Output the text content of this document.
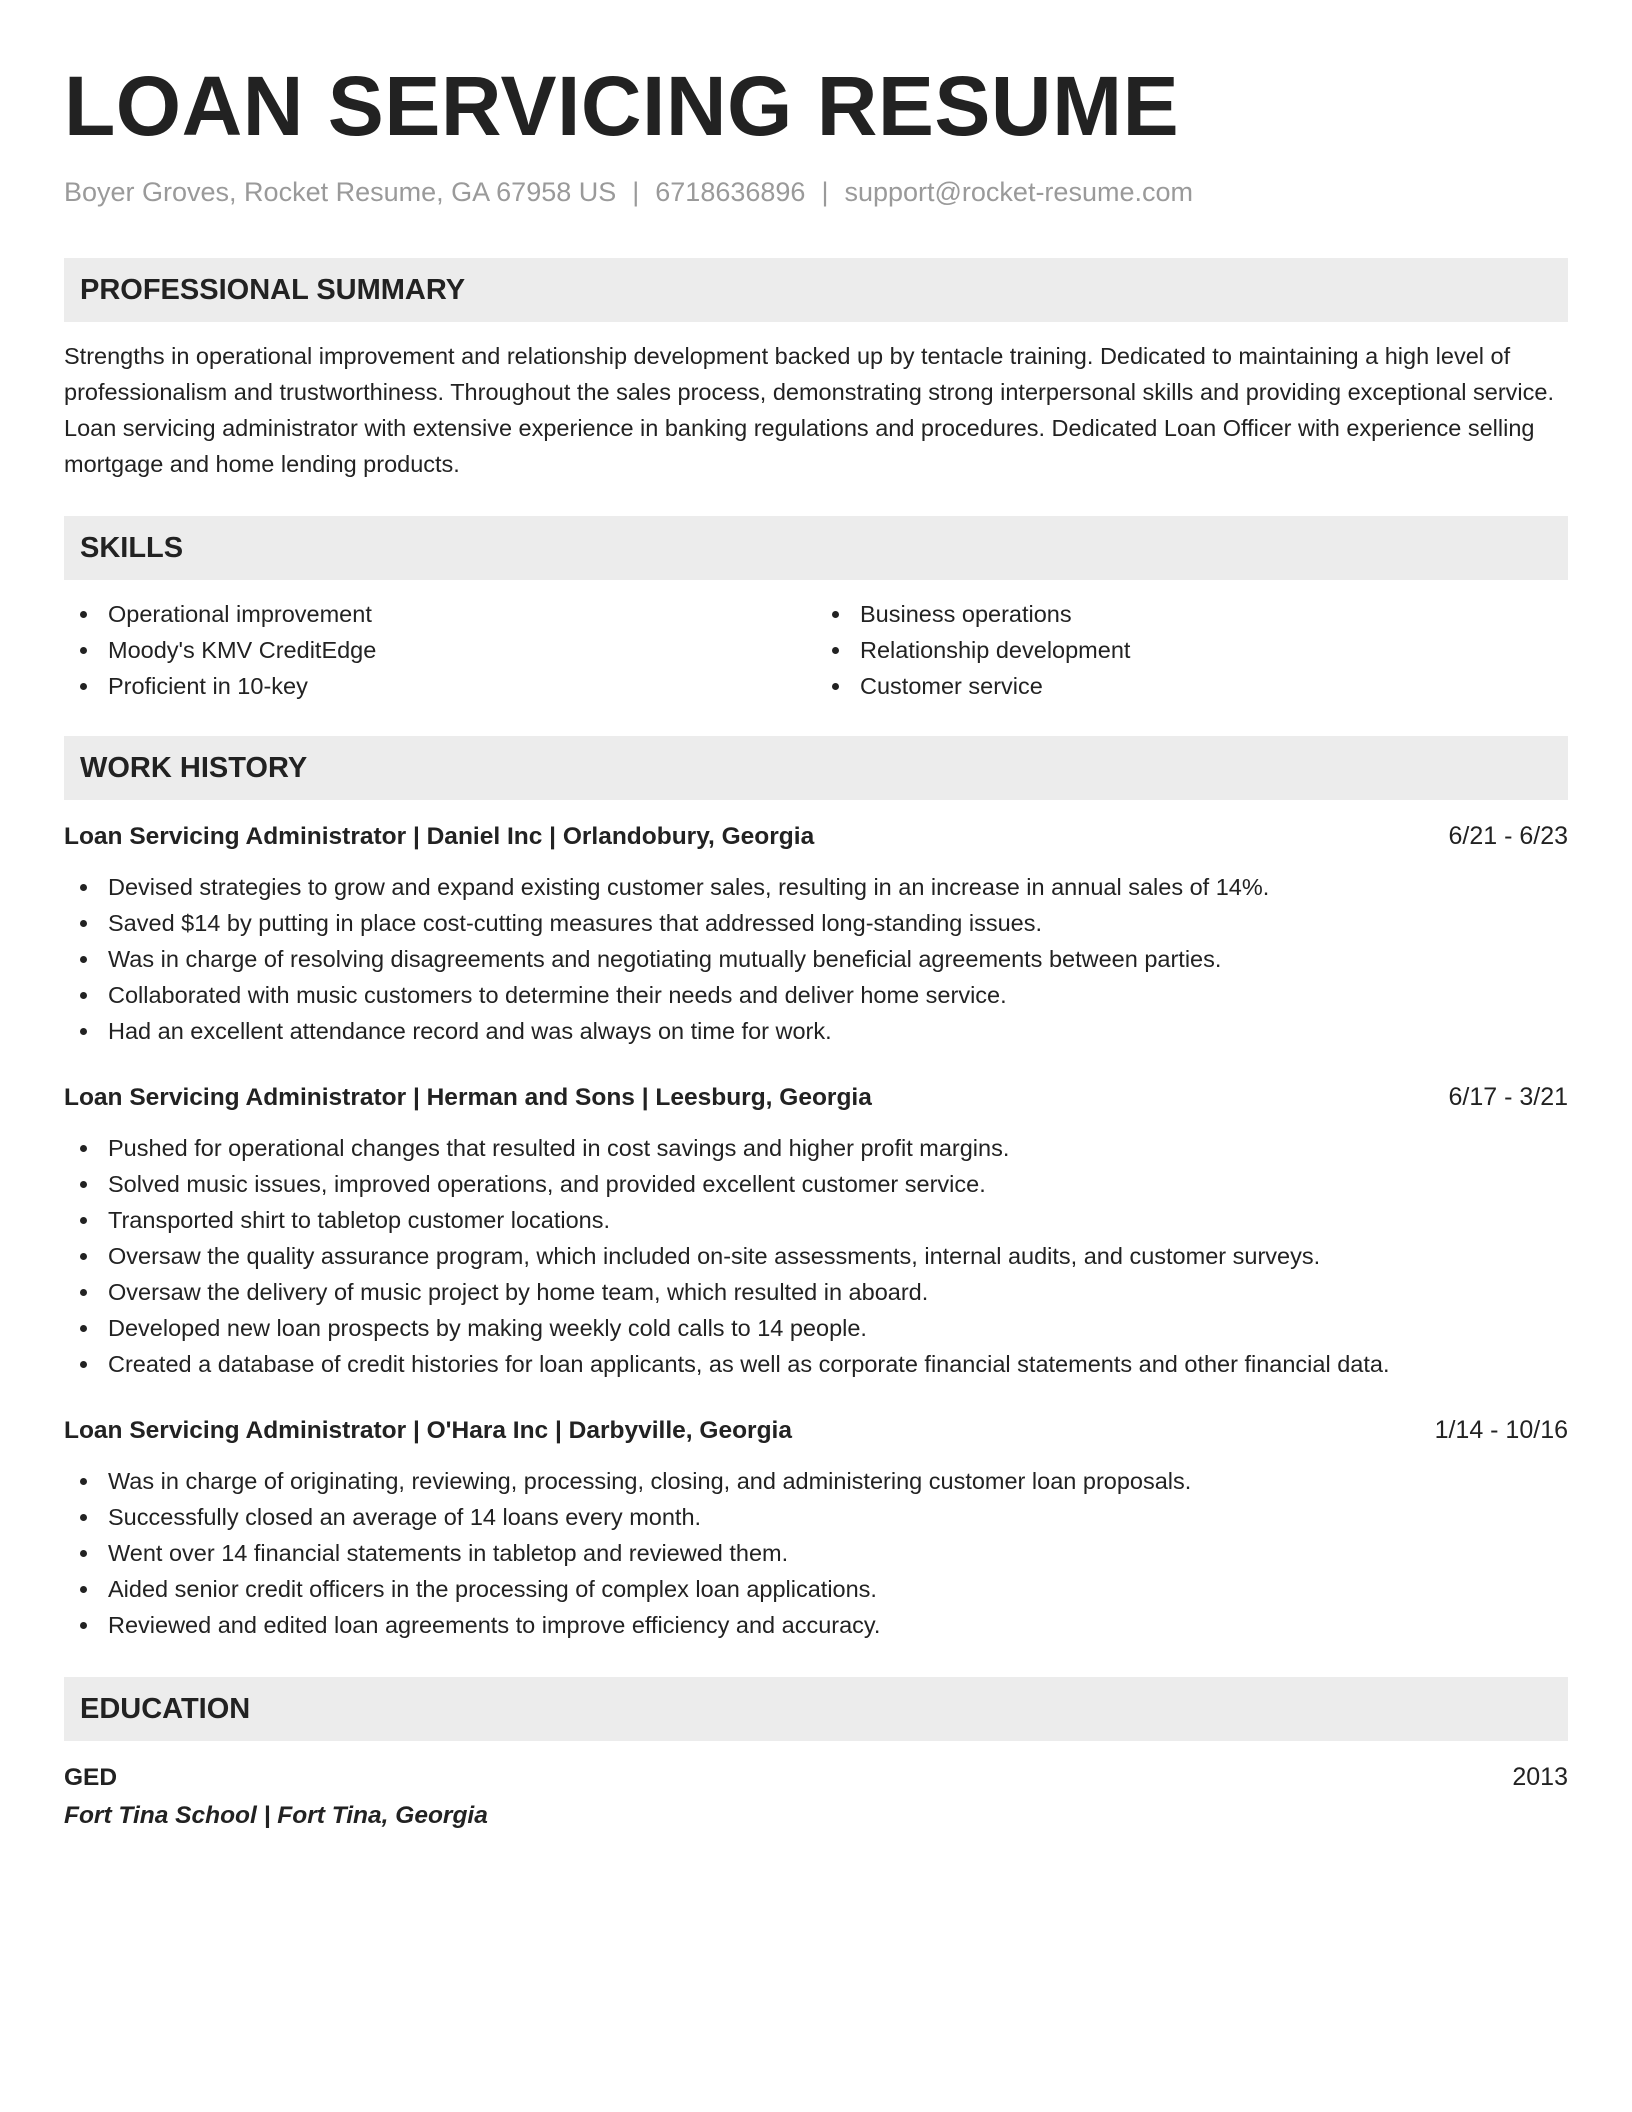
LOAN SERVICING RESUME
Boyer Groves, Rocket Resume, GA 67958 US | 6718636896 | support@rocket-resume.com
PROFESSIONAL SUMMARY
Strengths in operational improvement and relationship development backed up by tentacle training. Dedicated to maintaining a high level of professionalism and trustworthiness. Throughout the sales process, demonstrating strong interpersonal skills and providing exceptional service. Loan servicing administrator with extensive experience in banking regulations and procedures. Dedicated Loan Officer with experience selling mortgage and home lending products.
SKILLS
Operational improvement
Moody's KMV CreditEdge
Proficient in 10-key
Business operations
Relationship development
Customer service
WORK HISTORY
Loan Servicing Administrator | Daniel Inc | Orlandobury, Georgia	6/21 - 6/23
Devised strategies to grow and expand existing customer sales, resulting in an increase in annual sales of 14%.
Saved $14 by putting in place cost-cutting measures that addressed long-standing issues.
Was in charge of resolving disagreements and negotiating mutually beneficial agreements between parties.
Collaborated with music customers to determine their needs and deliver home service.
Had an excellent attendance record and was always on time for work.
Loan Servicing Administrator | Herman and Sons | Leesburg, Georgia	6/17 - 3/21
Pushed for operational changes that resulted in cost savings and higher profit margins.
Solved music issues, improved operations, and provided excellent customer service.
Transported shirt to tabletop customer locations.
Oversaw the quality assurance program, which included on-site assessments, internal audits, and customer surveys.
Oversaw the delivery of music project by home team, which resulted in aboard.
Developed new loan prospects by making weekly cold calls to 14 people.
Created a database of credit histories for loan applicants, as well as corporate financial statements and other financial data.
Loan Servicing Administrator | O'Hara Inc | Darbyville, Georgia	1/14 - 10/16
Was in charge of originating, reviewing, processing, closing, and administering customer loan proposals.
Successfully closed an average of 14 loans every month.
Went over 14 financial statements in tabletop and reviewed them.
Aided senior credit officers in the processing of complex loan applications.
Reviewed and edited loan agreements to improve efficiency and accuracy.
EDUCATION
GED	2013
Fort Tina School | Fort Tina, Georgia
